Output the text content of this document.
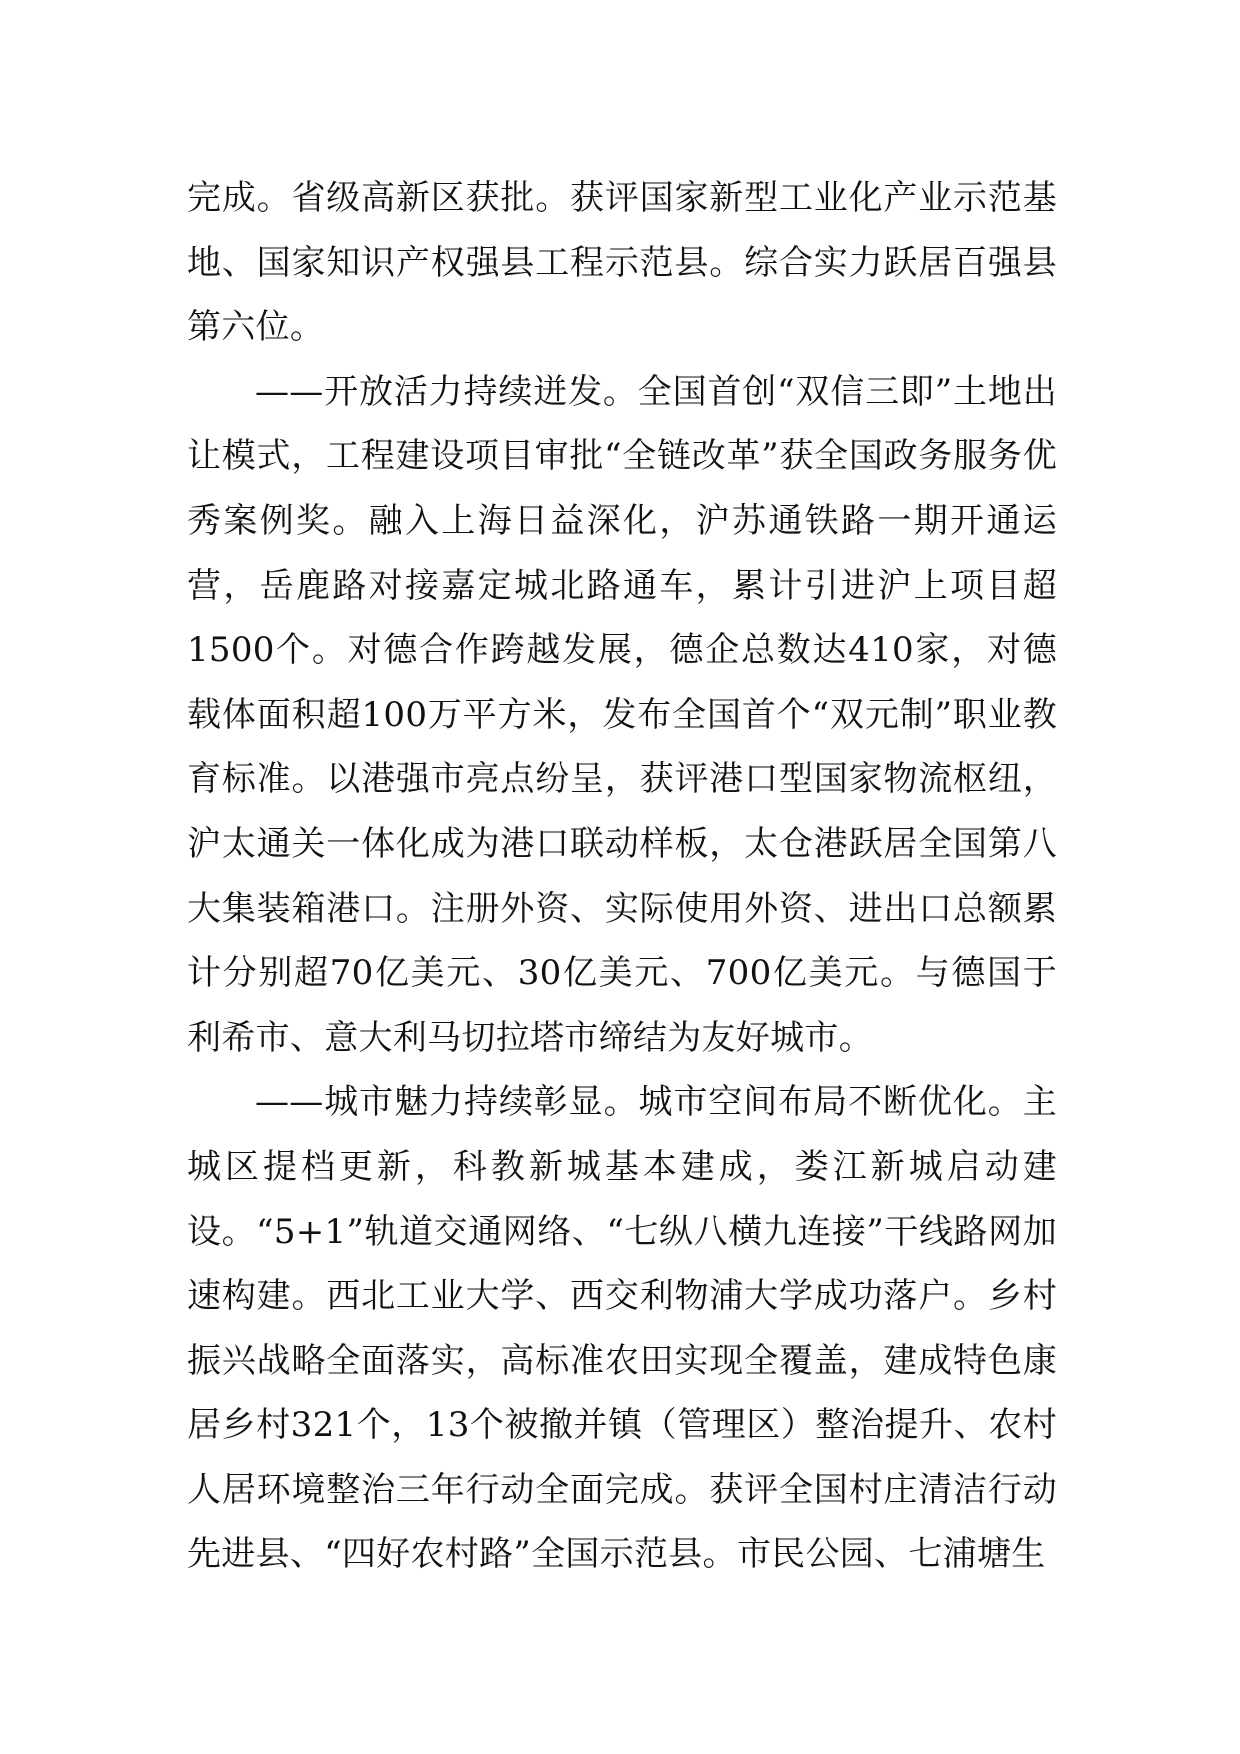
完成。省级高新区获批。获评国家新型工业化产业示范基地、国家知识产权强县工程示范县。综合实力跃居百强县第六位。

——开放活力持续迸发。全国首创“双信三即”土地出让模式，工程建设项目审批“全链改革”获全国政务服务优秀案例奖。融入上海日益深化，沪苏通铁路一期开通运营，岳鹿路对接嘉定城北路通车，累计引进沪上项目超1500个。对德合作跨越发展，德企总数达410家，对德载体面积超100万平方米，发布全国首个“双元制”职业教育标准。以港强市亮点纷呈，获评港口型国家物流枢纽，沪太通关一体化成为港口联动样板，太仓港跃居全国第八大集装箱港口。注册外资、实际使用外资、进出口总额累计分别超70亿美元、30亿美元、700亿美元。与德国于利希市、意大利马切拉塔市缔结为友好城市。

——城市魅力持续彰显。城市空间布局不断优化。主城区提档更新，科教新城基本建成，娄江新城启动建设。“5+1”轨道交通网络、“七纵八横九连接”干线路网加速构建。西北工业大学、西交利物浦大学成功落户。乡村振兴战略全面落实，高标准农田实现全覆盖，建成特色康居乡村321个，13个被撤并镇（管理区）整治提升、农村人居环境整治三年行动全面完成。获评全国村庄清洁行动先进县、“四好农村路”全国示范县。市民公园、七浦塘生
